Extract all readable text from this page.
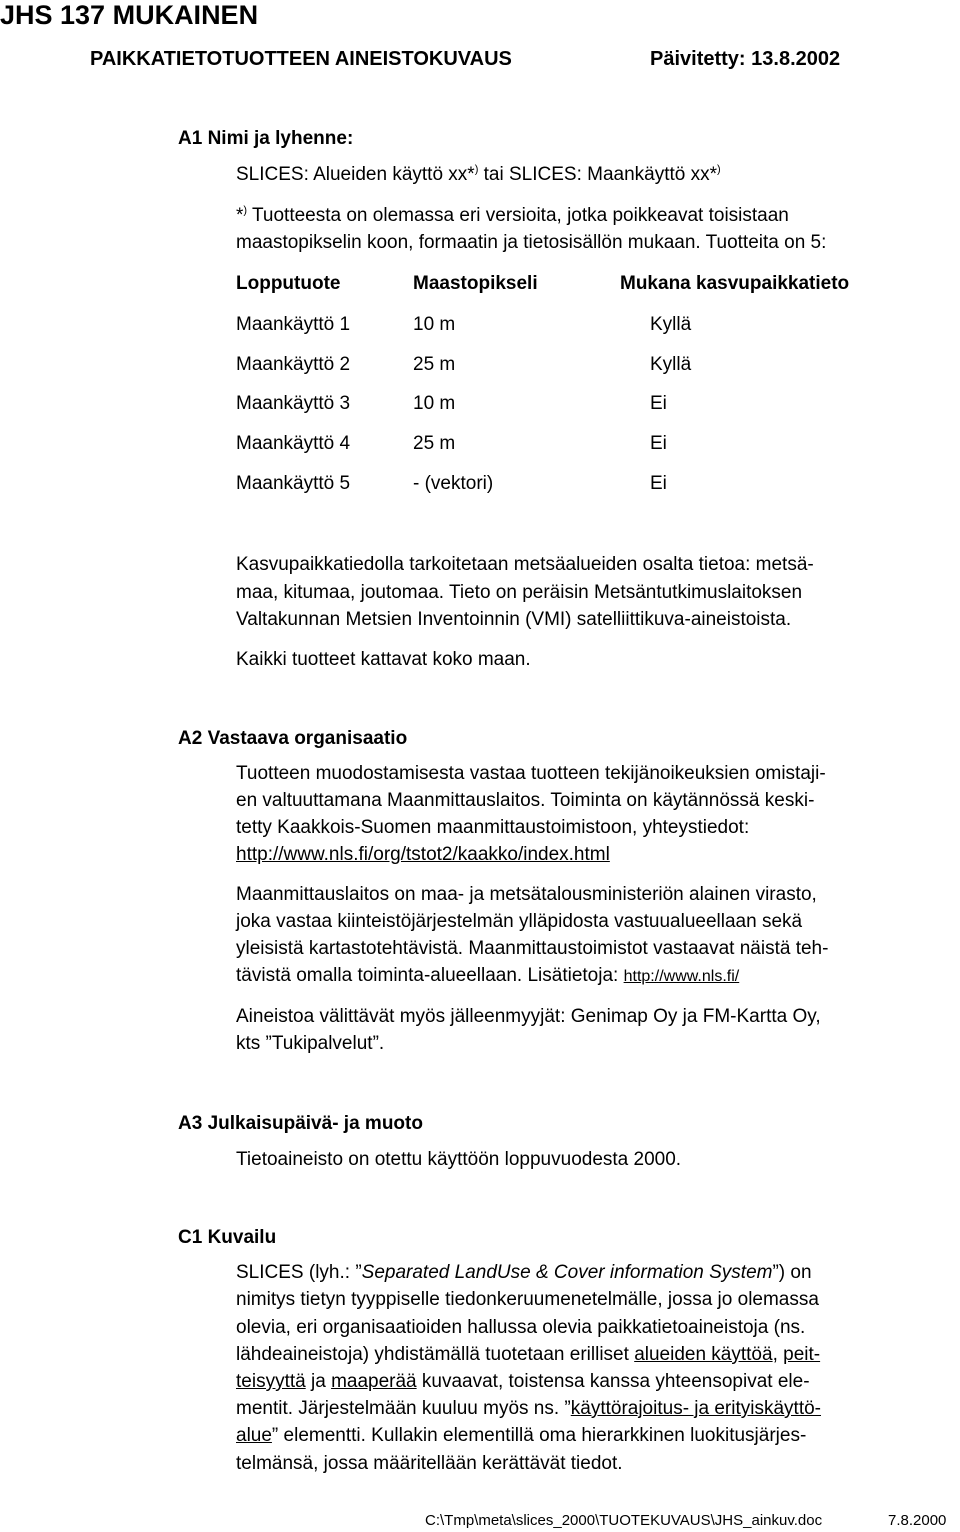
JHS 137 MUKAINEN
PAIKKATIETOTUOTTEEN AINEISTOKUVAUS	Päivitetty: 13.8.2002
A1 Nimi ja lyhenne:
SLICES: Alueiden käyttö xx*) tai SLICES: Maankäyttö xx*)
*) Tuotteesta on olemassa eri versioita, jotka poikkeavat toisistaan
maastopikselin koon, formaatin ja tietosisällön mukaan. Tuotteita on 5:
Lopputuote	Maastopikseli	Mukana kasvupaikkatieto
Maankäyttö 1	10 m	Kyllä
Maankäyttö 2	25 m	Kyllä
Maankäyttö 3	10 m	Ei
Maankäyttö 4	25 m	Ei
Maankäyttö 5	- (vektori)	Ei
Kasvupaikkatiedolla tarkoitetaan metsäalueiden osalta tietoa: metsä-
maa, kitumaa, joutomaa. Tieto on peräisin Metsäntutkimuslaitoksen
Valtakunnan Metsien Inventoinnin (VMI) satelliittikuva-aineistoista.
Kaikki tuotteet kattavat koko maan.
A2 Vastaava organisaatio
Tuotteen muodostamisesta vastaa tuotteen tekijänoikeuksien omistaji-
en valtuuttamana Maanmittauslaitos. Toiminta on käytännössä keski-
tetty Kaakkois-Suomen maanmittaustoimistoon, yhteystiedot:
http://www.nls.fi/org/tstot2/kaakko/index.html
Maanmittauslaitos on maa- ja metsätalousministeriön alainen virasto,
joka vastaa kiinteistöjärjestelmän ylläpidosta vastuualueellaan sekä
yleisistä kartastotehtävistä. Maanmittaustoimistot vastaavat näistä teh-
tävistä omalla toiminta-alueellaan. Lisätietoja: http://www.nls.fi/
Aineistoa välittävät myös jälleenmyyjät: Genimap Oy ja FM-Kartta Oy,
kts ”Tukipalvelut”.
A3 Julkaisupäivä- ja muoto
Tietoaineisto on otettu käyttöön loppuvuodesta 2000.
C1 Kuvailu
SLICES (lyh.: ”Separated LandUse & Cover information System”) on
nimitys tietyn tyyppiselle tiedonkeruumenetelmälle, jossa jo olemassa
olevia, eri organisaatioiden hallussa olevia paikkatietoaineistoja (ns.
lähdeaineistoja) yhdistämällä tuotetaan erilliset alueiden käyttöä, peit-
teisyyttä ja maaperää kuvaavat, toistensa kanssa yhteensopivat ele-
mentit. Järjestelmään kuuluu myös ns. ”käyttörajoitus- ja erityiskäyttö-
alue” elementti. Kullakin elementillä oma hierarkkinen luokitusjärjes-
telmänsä, jossa määritellään kerättävät tiedot.
C:\Tmp\meta\slices_2000\TUOTEKUVAUS\JHS_ainkuv.doc	7.8.2000
